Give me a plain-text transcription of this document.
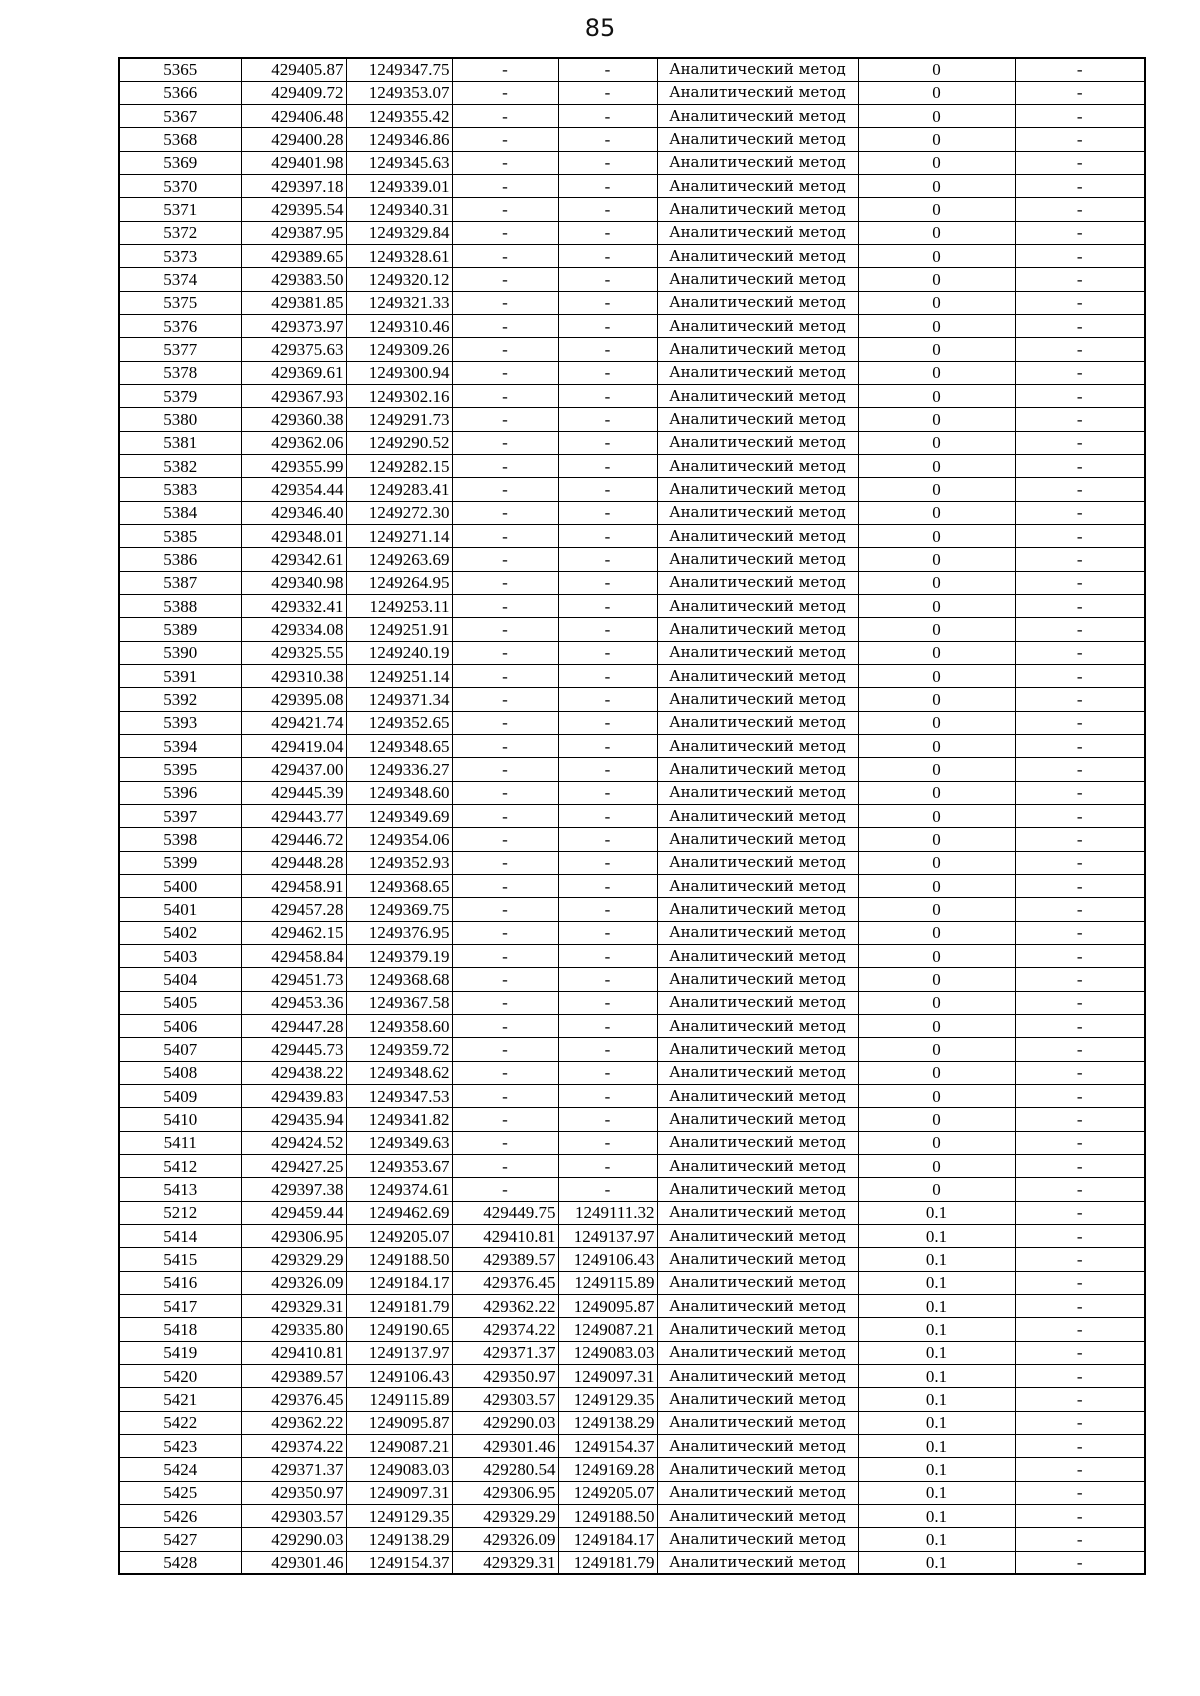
85
5365	429405.87	1249347.75	-	-	Аналитический метод	0	-
5366	429409.72	1249353.07	-	-	Аналитический метод	0	-
5367	429406.48	1249355.42	-	-	Аналитический метод	0	-
5368	429400.28	1249346.86	-	-	Аналитический метод	0	-
5369	429401.98	1249345.63	-	-	Аналитический метод	0	-
5370	429397.18	1249339.01	-	-	Аналитический метод	0	-
5371	429395.54	1249340.31	-	-	Аналитический метод	0	-
5372	429387.95	1249329.84	-	-	Аналитический метод	0	-
5373	429389.65	1249328.61	-	-	Аналитический метод	0	-
5374	429383.50	1249320.12	-	-	Аналитический метод	0	-
5375	429381.85	1249321.33	-	-	Аналитический метод	0	-
5376	429373.97	1249310.46	-	-	Аналитический метод	0	-
5377	429375.63	1249309.26	-	-	Аналитический метод	0	-
5378	429369.61	1249300.94	-	-	Аналитический метод	0	-
5379	429367.93	1249302.16	-	-	Аналитический метод	0	-
5380	429360.38	1249291.73	-	-	Аналитический метод	0	-
5381	429362.06	1249290.52	-	-	Аналитический метод	0	-
5382	429355.99	1249282.15	-	-	Аналитический метод	0	-
5383	429354.44	1249283.41	-	-	Аналитический метод	0	-
5384	429346.40	1249272.30	-	-	Аналитический метод	0	-
5385	429348.01	1249271.14	-	-	Аналитический метод	0	-
5386	429342.61	1249263.69	-	-	Аналитический метод	0	-
5387	429340.98	1249264.95	-	-	Аналитический метод	0	-
5388	429332.41	1249253.11	-	-	Аналитический метод	0	-
5389	429334.08	1249251.91	-	-	Аналитический метод	0	-
5390	429325.55	1249240.19	-	-	Аналитический метод	0	-
5391	429310.38	1249251.14	-	-	Аналитический метод	0	-
5392	429395.08	1249371.34	-	-	Аналитический метод	0	-
5393	429421.74	1249352.65	-	-	Аналитический метод	0	-
5394	429419.04	1249348.65	-	-	Аналитический метод	0	-
5395	429437.00	1249336.27	-	-	Аналитический метод	0	-
5396	429445.39	1249348.60	-	-	Аналитический метод	0	-
5397	429443.77	1249349.69	-	-	Аналитический метод	0	-
5398	429446.72	1249354.06	-	-	Аналитический метод	0	-
5399	429448.28	1249352.93	-	-	Аналитический метод	0	-
5400	429458.91	1249368.65	-	-	Аналитический метод	0	-
5401	429457.28	1249369.75	-	-	Аналитический метод	0	-
5402	429462.15	1249376.95	-	-	Аналитический метод	0	-
5403	429458.84	1249379.19	-	-	Аналитический метод	0	-
5404	429451.73	1249368.68	-	-	Аналитический метод	0	-
5405	429453.36	1249367.58	-	-	Аналитический метод	0	-
5406	429447.28	1249358.60	-	-	Аналитический метод	0	-
5407	429445.73	1249359.72	-	-	Аналитический метод	0	-
5408	429438.22	1249348.62	-	-	Аналитический метод	0	-
5409	429439.83	1249347.53	-	-	Аналитический метод	0	-
5410	429435.94	1249341.82	-	-	Аналитический метод	0	-
5411	429424.52	1249349.63	-	-	Аналитический метод	0	-
5412	429427.25	1249353.67	-	-	Аналитический метод	0	-
5413	429397.38	1249374.61	-	-	Аналитический метод	0	-
5212	429459.44	1249462.69	429449.75	1249111.32	Аналитический метод	0.1	-
5414	429306.95	1249205.07	429410.81	1249137.97	Аналитический метод	0.1	-
5415	429329.29	1249188.50	429389.57	1249106.43	Аналитический метод	0.1	-
5416	429326.09	1249184.17	429376.45	1249115.89	Аналитический метод	0.1	-
5417	429329.31	1249181.79	429362.22	1249095.87	Аналитический метод	0.1	-
5418	429335.80	1249190.65	429374.22	1249087.21	Аналитический метод	0.1	-
5419	429410.81	1249137.97	429371.37	1249083.03	Аналитический метод	0.1	-
5420	429389.57	1249106.43	429350.97	1249097.31	Аналитический метод	0.1	-
5421	429376.45	1249115.89	429303.57	1249129.35	Аналитический метод	0.1	-
5422	429362.22	1249095.87	429290.03	1249138.29	Аналитический метод	0.1	-
5423	429374.22	1249087.21	429301.46	1249154.37	Аналитический метод	0.1	-
5424	429371.37	1249083.03	429280.54	1249169.28	Аналитический метод	0.1	-
5425	429350.97	1249097.31	429306.95	1249205.07	Аналитический метод	0.1	-
5426	429303.57	1249129.35	429329.29	1249188.50	Аналитический метод	0.1	-
5427	429290.03	1249138.29	429326.09	1249184.17	Аналитический метод	0.1	-
5428	429301.46	1249154.37	429329.31	1249181.79	Аналитический метод	0.1	-
